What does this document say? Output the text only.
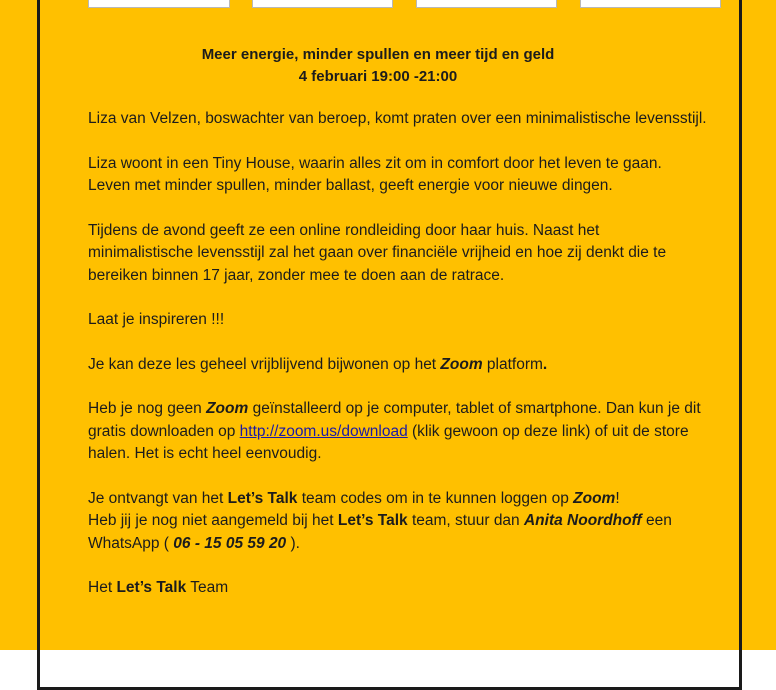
Meer energie, minder spullen en meer tijd en geld
4 februari 19:00 -21:00

Liza van Velzen, boswachter van beroep, komt praten over een minimalistische levensstijl.

Liza woont in een Tiny House, waarin alles zit om in comfort door het leven te gaan. Leven met minder spullen, minder ballast, geeft energie voor nieuwe dingen.

Tijdens de avond geeft ze een online rondleiding door haar huis. Naast het minimalistische levensstijl zal het gaan over financiële vrijheid en hoe zij denkt die te bereiken binnen 17 jaar, zonder mee te doen aan de ratrace.

Laat je inspireren !!!

Je kan deze les geheel vrijblijvend bijwonen op het Zoom platform.

Heb je nog geen Zoom geïnstalleerd op je computer, tablet of smartphone. Dan kun je dit gratis downloaden op http://zoom.us/download (klik gewoon op deze link) of uit de store halen. Het is echt heel eenvoudig.

Je ontvangt van het Let’s Talk team codes om in te kunnen loggen op Zoom!
Heb jij je nog niet aangemeld bij het Let’s Talk team, stuur dan Anita Noordhoff een WhatsApp ( 06 - 15 05 59 20 ).

Het Let’s Talk Team
